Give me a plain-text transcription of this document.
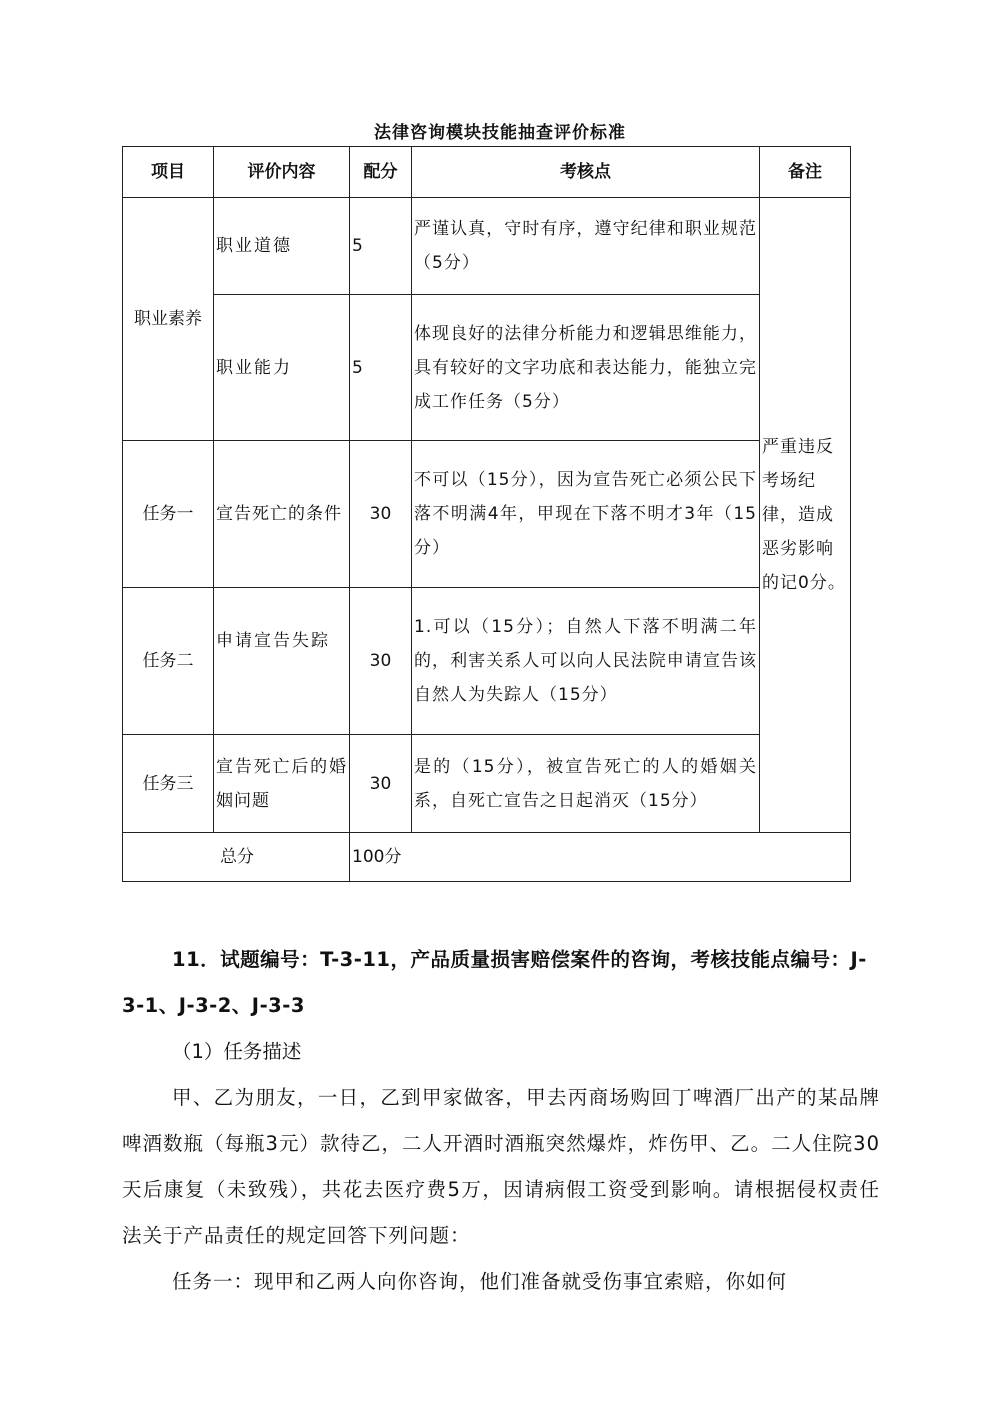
法律咨询模块技能抽查评价标准
项目	评价内容	配分	考核点	备注
职业素养	职业道德	5	严谨认真，守时有序，遵守纪律和职业规范（5分）	严重违反考场纪律，造成恶劣影响的记0分。
	职业能力	5	体现良好的法律分析能力和逻辑思维能力，具有较好的文字功底和表达能力，能独立完成工作任务（5分）	
任务一	宣告死亡的条件	30	不可以（15分），因为宣告死亡必须公民下落不明满4年，甲现在下落不明才3年（15分）	
任务二	申请宣告失踪	30	1.可以（15分）；自然人下落不明满二年的，利害关系人可以向人民法院申请宣告该自然人为失踪人（15分）	
任务三	宣告死亡后的婚姻问题	30	是的（15分），被宣告死亡的人的婚姻关系，自死亡宣告之日起消灭（15分）	
总分		100分		
11．试题编号：T-3-11，产品质量损害赔偿案件的咨询，考核技能点编号：J-3-1、J-3-2、J-3-3
（1）任务描述

甲、乙为朋友，一日，乙到甲家做客，甲去丙商场购回丁啤酒厂出产的某品牌啤酒数瓶（每瓶3元）款待乙，二人开酒时酒瓶突然爆炸，炸伤甲、乙。二人住院30天后康复（未致残），共花去医疗费5万，因请病假工资受到影响。请根据侵权责任法关于产品责任的规定回答下列问题：

任务一：现甲和乙两人向你咨询，他们准备就受伤事宜索赔，你如何
